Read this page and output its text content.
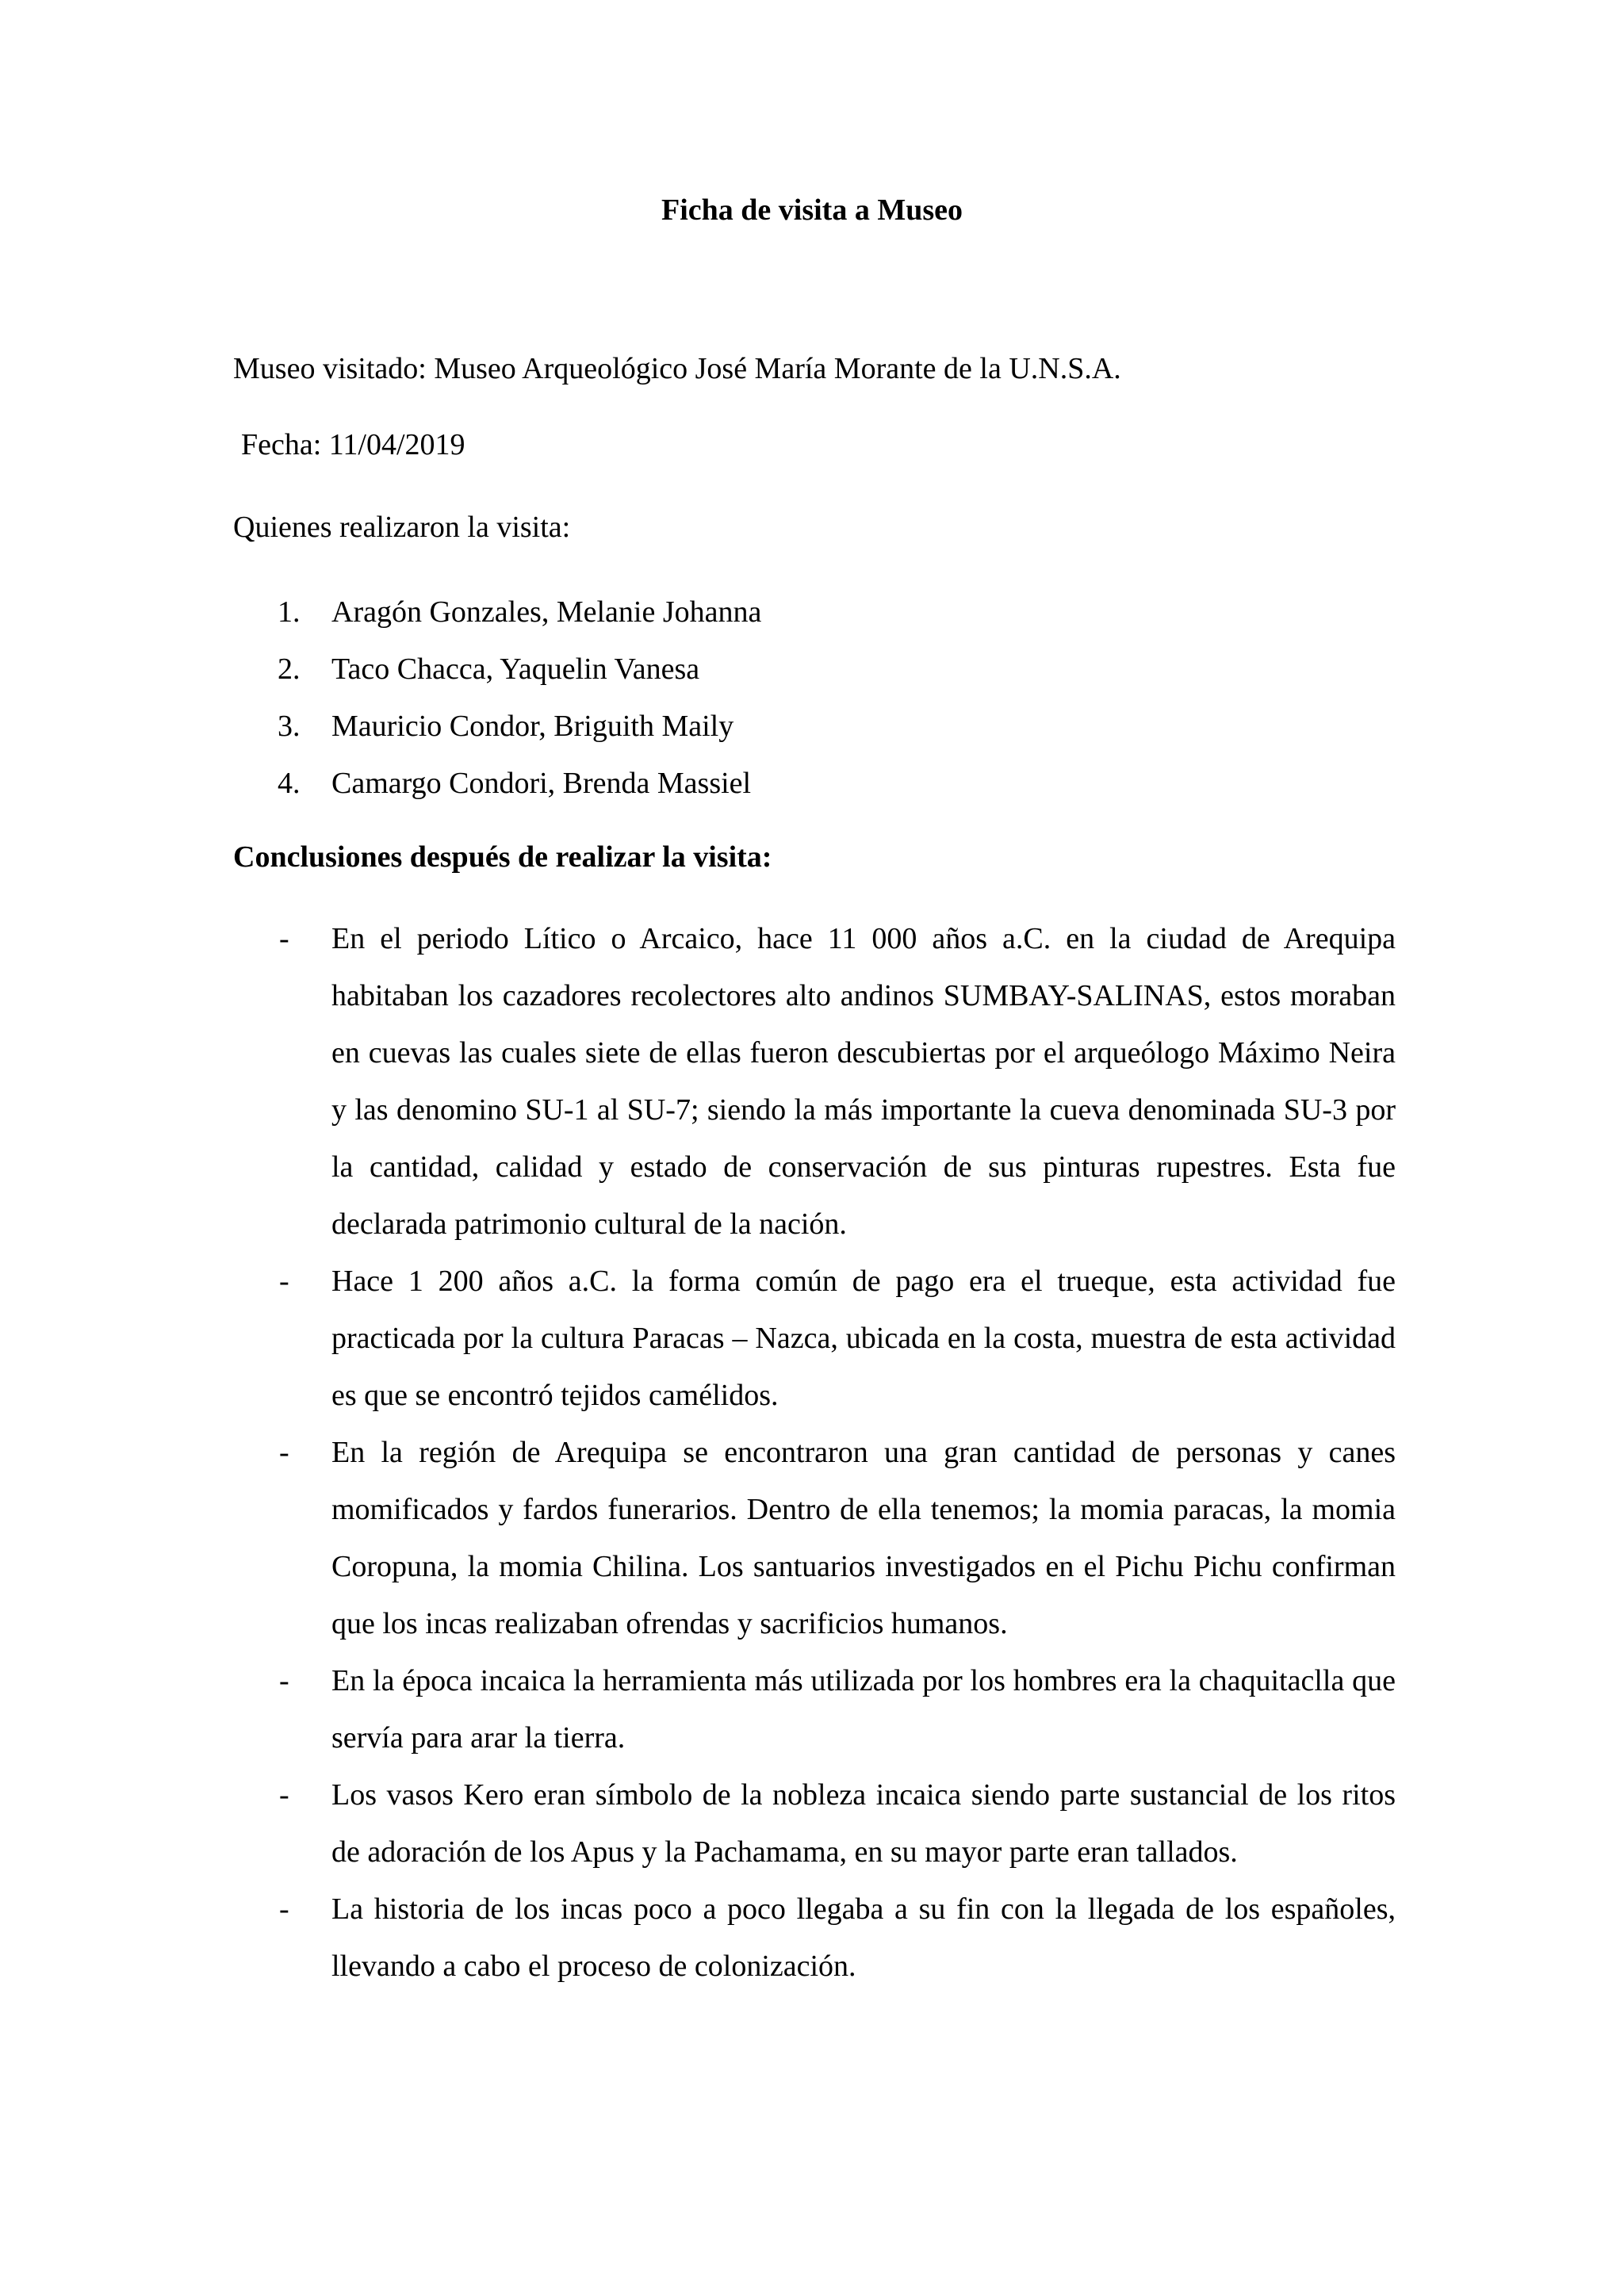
Ficha de visita a Museo
Museo visitado: Museo Arqueológico José María Morante de la U.N.S.A.
Fecha: 11/04/2019
Quienes realizaron la visita:
1. Aragón Gonzales, Melanie Johanna
2. Taco Chacca, Yaquelin Vanesa
3. Mauricio Condor, Briguith Maily
4. Camargo Condori, Brenda Massiel
Conclusiones después de realizar la visita:
- En el periodo Lítico o Arcaico, hace 11 000 años a.C. en la ciudad de Arequipa habitaban los cazadores recolectores alto andinos SUMBAY-SALINAS, estos moraban en cuevas las cuales siete de ellas fueron descubiertas por el arqueólogo Máximo Neira y las denomino SU-1 al SU-7; siendo la más importante la cueva denominada SU-3 por la cantidad, calidad y estado de conservación de sus pinturas rupestres. Esta fue declarada patrimonio cultural de la nación.
- Hace 1 200 años a.C. la forma común de pago era el trueque, esta actividad fue practicada por la cultura Paracas – Nazca, ubicada en la costa, muestra de esta actividad es que se encontró tejidos camélidos.
- En la región de Arequipa se encontraron una gran cantidad de personas y canes momificados y fardos funerarios. Dentro de ella tenemos; la momia paracas, la momia Coropuna, la momia Chilina. Los santuarios investigados en el Pichu Pichu confirman que los incas realizaban ofrendas y sacrificios humanos.
- En la época incaica la herramienta más utilizada por los hombres era la chaquitaclla que servía para arar la tierra.
- Los vasos Kero eran símbolo de la nobleza incaica siendo parte sustancial de los ritos de adoración de los Apus y la Pachamama, en su mayor parte eran tallados.
- La historia de los incas poco a poco llegaba a su fin con la llegada de los españoles, llevando a cabo el proceso de colonización.
